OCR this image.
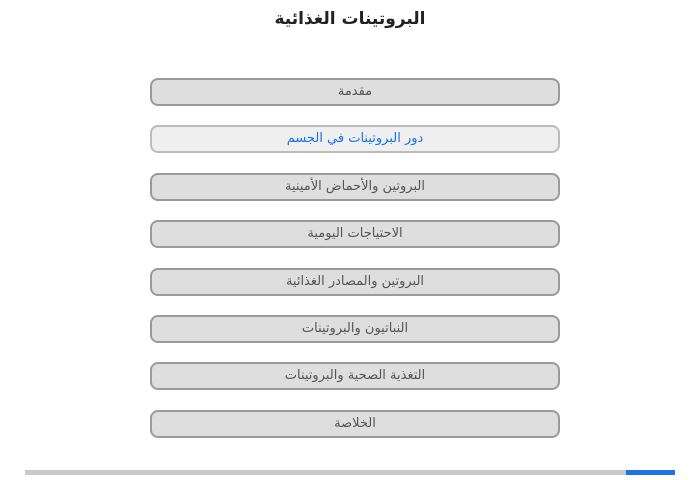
البروتينات الغذائية
مقدمة
دور البروتينات في الجسم
البروتين والأحماض الأمينية
الاحتياجات اليومية
البروتين والمصادر الغذائية
النباتيون والبروتينات
التغذية الصحية والبروتينات
الخلاصة
